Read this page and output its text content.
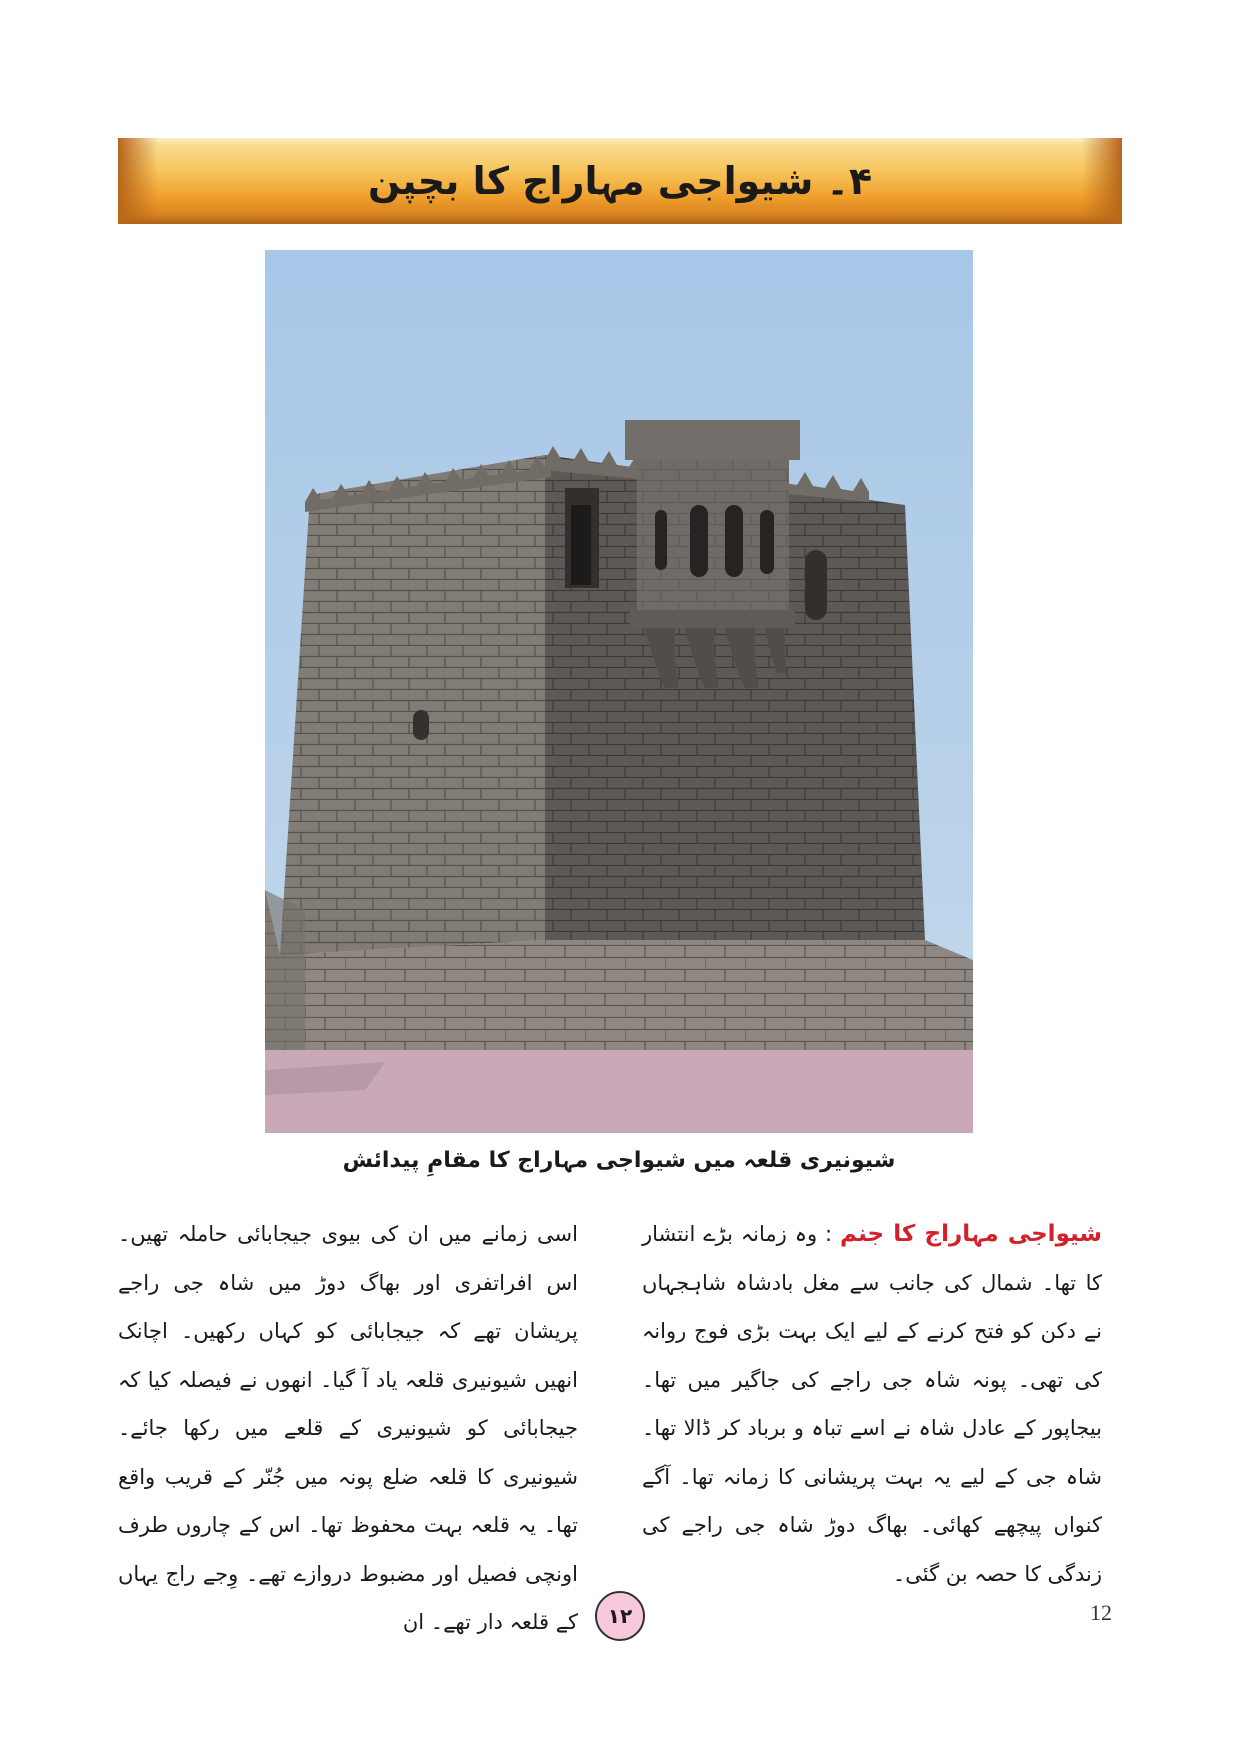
۴۔ شیواجی مہاراج کا بچپن
شیونیری قلعہ میں شیواجی مہاراج کا مقامِ پیدائش

شیواجی مہاراج کا جنم : وہ زمانہ بڑے انتشار کا تھا۔ شمال کی جانب سے مغل بادشاہ شاہجہاں نے دکن کو فتح کرنے کے لیے ایک بہت بڑی فوج روانہ کی تھی۔ پونہ شاہ جی راجے کی جاگیر میں تھا۔ بیجاپور کے عادل شاہ نے اسے تباہ و برباد کر ڈالا تھا۔ شاہ جی کے لیے یہ بہت پریشانی کا زمانہ تھا۔ آگے کنواں پیچھے کھائی۔ بھاگ دوڑ شاہ جی راجے کی زندگی کا حصہ بن گئی۔

اسی زمانے میں ان کی بیوی جیجابائی حاملہ تھیں۔ اس افراتفری اور بھاگ دوڑ میں شاہ جی راجے پریشان تھے کہ جیجابائی کو کہاں رکھیں۔ اچانک انھیں شیونیری قلعہ یاد آ گیا۔ انھوں نے فیصلہ کیا کہ جیجابائی کو شیونیری کے قلعے میں رکھا جائے۔ شیونیری کا قلعہ ضلع پونہ میں جُنّر کے قریب واقع تھا۔ یہ قلعہ بہت محفوظ تھا۔ اس کے چاروں طرف اونچی فصیل اور مضبوط دروازے تھے۔ وِجے راج یہاں کے قلعہ دار تھے۔ ان	۱۲	12
